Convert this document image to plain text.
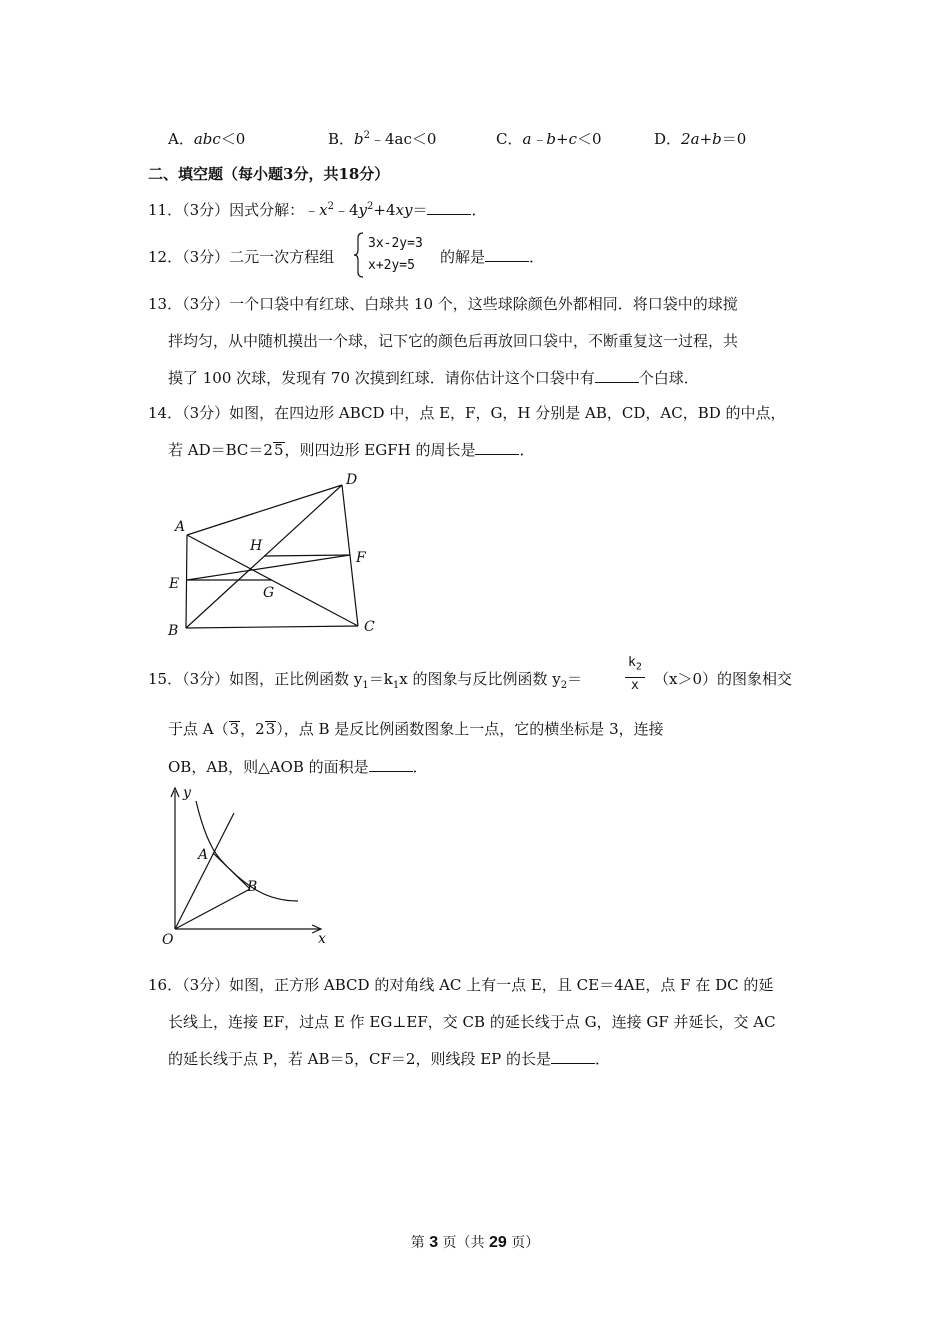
A．abc＜0	B．$b^2﹣4ac<0$	C．a﹣b+c＜0	D．2a+b＝0
二、填空题（每小题3分，共18分）
11．（3分）因式分解：$﹣x^2﹣4y^2+4xy=$	．
12．（3分）二元一次方程组
3x-2y=3
x+2y=5	的解是	．
13．（3分）一个口袋中有红球、白球共 10 个，这些球除颜色外都相同．将口袋中的球搅
拌均匀，从中随机摸出一个球，记下它的颜色后再放回口袋中，不断重复这一过程，共
摸了 100 次球，发现有 70 次摸到红球．请你估计这个口袋中有	个白球．
14．（3分）如图，在四边形 ABCD 中，点 E，F，G，H 分别是 AB，CD，AC，BD 的中点，
若 AD＝BC＝25，则四边形 EGFH 的周长是	．
A
B	C
D
E
F
G
H
15．（3分）如图，正比例函数 $y_1=k_1x$ 的图象与反比例函数 $y_2=$	$\frac{k_2}{x} (x>0)$的图象相交
于点 A（3，23），点 B 是反比例函数图象上一点，它的横坐标是 3，连接
OB，AB，则△AOB 的面积是	．
y
x
O
A
B
16．（3分）如图，正方形 ABCD 的对角线 AC 上有一点 E，且 CE＝4AE，点 F 在 DC 的延
长线上，连接 EF，过点 E 作 EG⊥EF，交 CB 的延长线于点 G，连接 GF 并延长，交 AC
的延长线于点 P，若 AB＝5，CF＝2，则线段 EP 的长是	．
第 3 页（共 29 页）
